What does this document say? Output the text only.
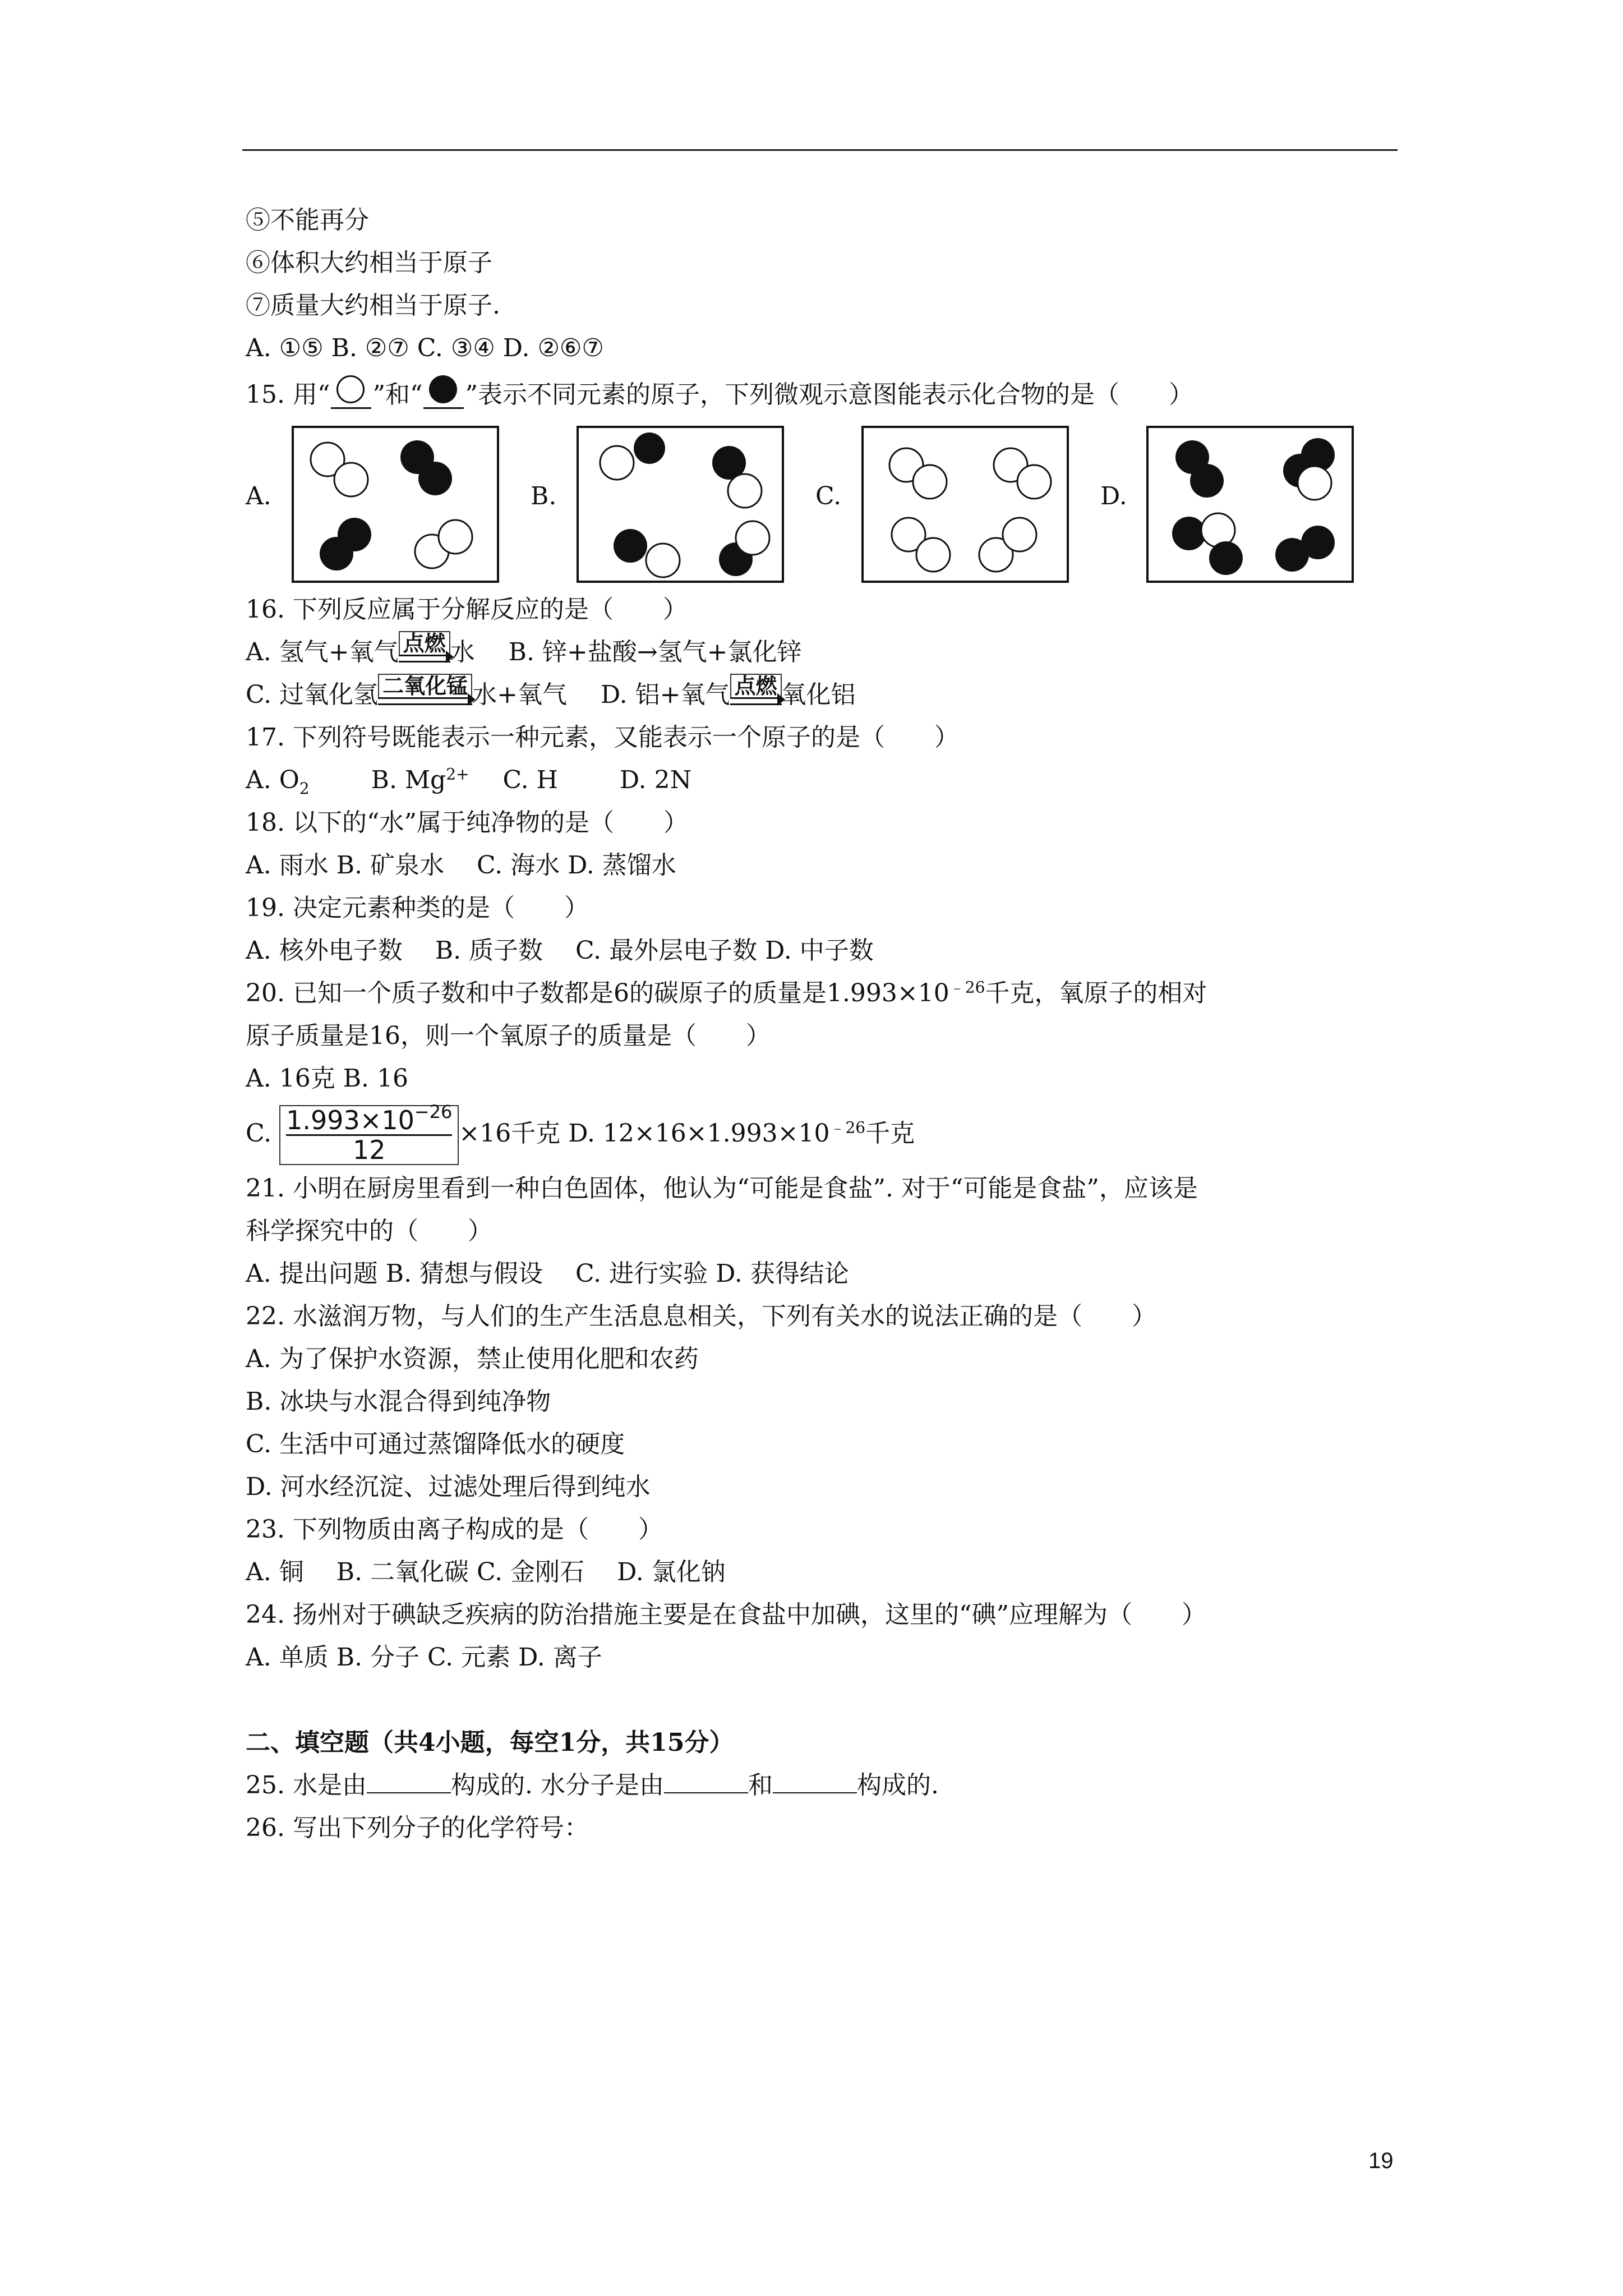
⑤不能再分
⑥体积大约相当于原子
⑦质量大约相当于原子.
A. ①⑤ B. ②⑦ C. ③④ D. ②⑥⑦
15. 用“ ”和“ ”表示不同元素的原子，下列微观示意图能表示化合物的是（　　）
A.	B.	C.	D.
16. 下列反应属于分解反应的是（　　）
A. 氢气+氧气 点燃 水 B. 锌+盐酸→氢气+氯化锌
C. 过氧化氢 二氧化锰 水+氧气 D. 铝+氧气 点燃 氧化铝
17. 下列符号既能表示一种元素，又能表示一个原子的是（　　）
A. $O_2$	B. $Mg^{2+}$ C. H	D. 2N
18. 以下的“水”属于纯净物的是（　　）
A. 雨水 B. 矿泉水　 C. 海水 D. 蒸馏水
19. 决定元素种类的是（　　）
A. 核外电子数　 B. 质子数　 C. 最外层电子数 D. 中子数
20. 已知一个质子数和中子数都是6的碳原子的质量是$1.993\times 10^{﹣26}$千克，氧原子的相对
原子质量是16，则一个氧原子的质量是（　　）
A. 16克 B. 16
C. $\frac{1.993\times 10^{-26}}{12} \times 16$千克 D. $12\times 16\times 1.993\times 10^{﹣26}$千克
21. 小明在厨房里看到一种白色固体，他认为“可能是食盐”. 对于“可能是食盐”，应该是
科学探究中的（　　）
A. 提出问题 B. 猜想与假设　 C. 进行实验 D. 获得结论
22. 水滋润万物，与人们的生产生活息息相关，下列有关水的说法正确的是（　　）
A. 为了保护水资源，禁止使用化肥和农药
B. 冰块与水混合得到纯净物
C. 生活中可通过蒸馏降低水的硬度
D. 河水经沉淀、过滤处理后得到纯水
23. 下列物质由离子构成的是（　　）
A. 铜　 B. 二氧化碳 C. 金刚石　 D. 氯化钠
24. 扬州对于碘缺乏疾病的防治措施主要是在食盐中加碘，这里的“碘”应理解为（　　）
A. 单质 B. 分子 C. 元素 D. 离子
二、填空题（共4小题，每空1分，共15分）
25. 水是由	构成的. 水分子是由	和	构成的.
26. 写出下列分子的化学符号：
19
